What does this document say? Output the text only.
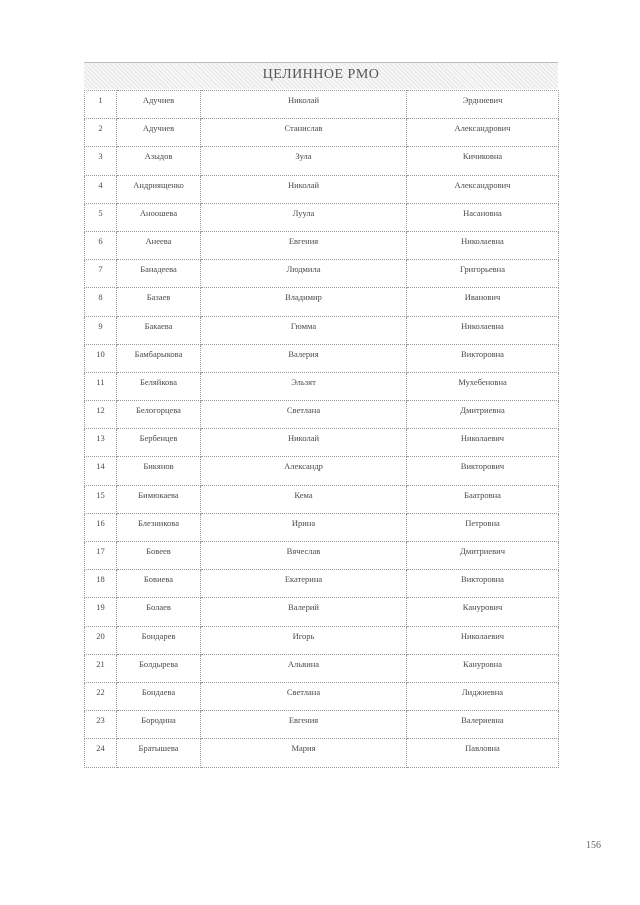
ЦЕЛИННОЕ РМО
1	Адучиев	Николай	Эрдниевич
2	Адучиев	Станислав	Александрович
3	Азыдов	Зула	Кичиковна
4	Андриященко	Николай	Александрович
5	Аноошева	Луула	Насановна
6	Анеева	Евгения	Николаевна
7	Банадеева	Людмила	Григорьевна
8	Базаев	Владимир	Иванович
9	Бакаева	Гюмма	Николаевна
10	Бамбарыкова	Валерия	Викторовна
11	Беляйкова	Эльзят	Мухебеновна
12	Белогорцева	Светлана	Дмитриевна
13	Бербенцев	Николай	Николаевич
14	Бикянов	Александр	Викторович
15	Бимюкаева	Кема	Баатровна
16	Блезникова	Ирина	Петровна
17	Бовеев	Вячеслав	Дмитриевич
18	Бовиева	Екатерина	Викторовна
19	Болаев	Валерий	Канурович
20	Бондарев	Игорь	Николаевич
21	Болдырева	Альвина	Кануровна
22	Бондаева	Светлана	Лиджиевна
23	Бородина	Евгения	Валериевна
24	Братышева	Мария	Павловна
156
